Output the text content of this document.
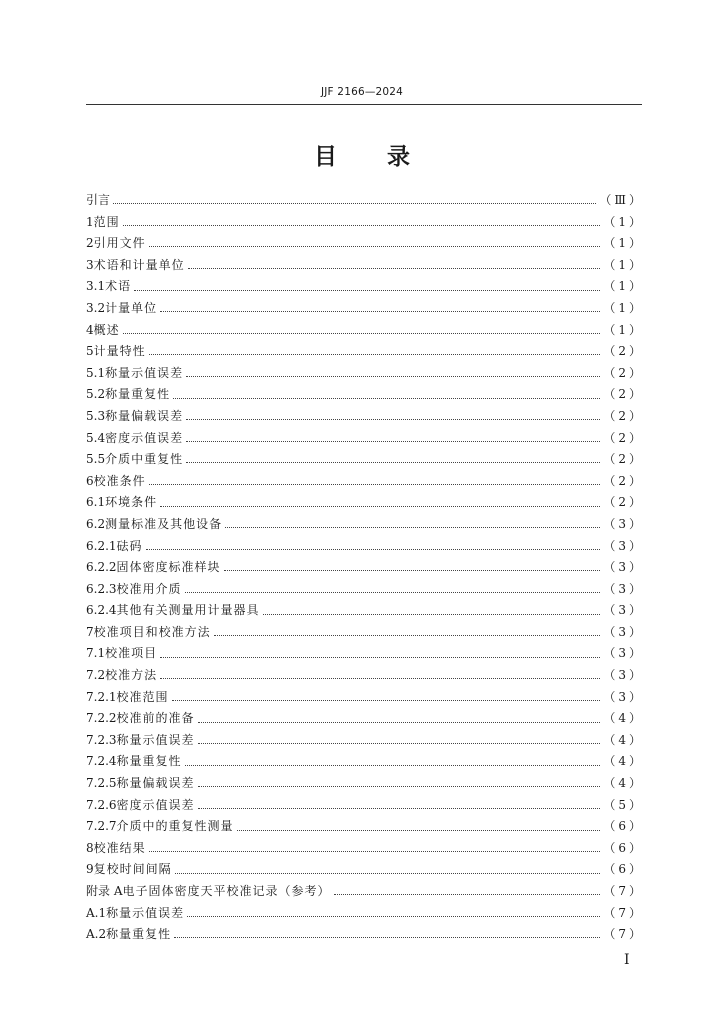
JJF 2166—2024
目 录
引言	（Ⅲ）
1 范围	（1）
2 引用文件	（1）
3 术语和计量单位	（1）
3.1 术语	（1）
3.2 计量单位	（1）
4 概述	（1）
5 计量特性	（2）
5.1 称量示值误差	（2）
5.2 称量重复性	（2）
5.3 称量偏载误差	（2）
5.4 密度示值误差	（2）
5.5 介质中重复性	（2）
6 校准条件	（2）
6.1 环境条件	（2）
6.2 测量标准及其他设备	（3）
6.2.1 砝码	（3）
6.2.2 固体密度标准样块	（3）
6.2.3 校准用介质	（3）
6.2.4 其他有关测量用计量器具	（3）
7 校准项目和校准方法	（3）
7.1 校准项目	（3）
7.2 校准方法	（3）
7.2.1 校准范围	（3）
7.2.2 校准前的准备	（4）
7.2.3 称量示值误差	（4）
7.2.4 称量重复性	（4）
7.2.5 称量偏载误差	（4）
7.2.6 密度示值误差	（5）
7.2.7 介质中的重复性测量	（6）
8 校准结果	（6）
9 复校时间间隔	（6）
附录 A 电子固体密度天平校准记录（参考）	（7）
A.1 称量示值误差	（7）
A.2 称量重复性	（7）
Ⅰ
